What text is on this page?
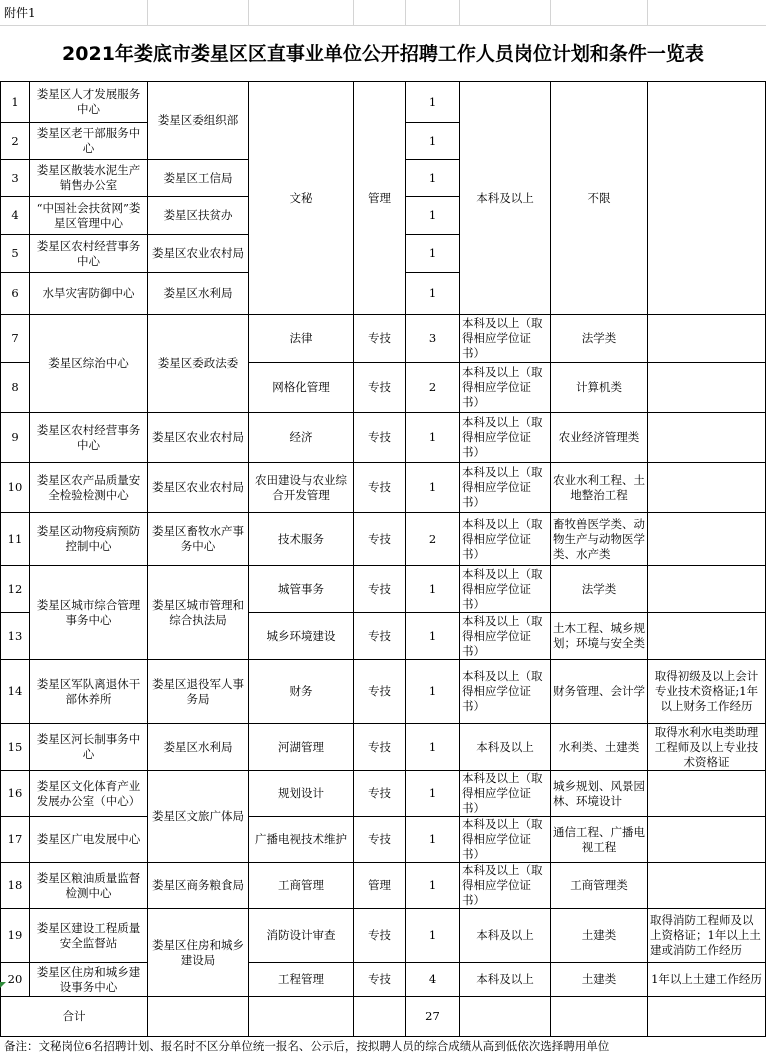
附件1
2021年娄底市娄星区区直事业单位公开招聘工作人员岗位计划和条件一览表
1	娄星区人才发展服务中心	娄星区委组织部	文秘	管理	1	本科及以上	不限	
2	娄星区老干部服务中心				1			
3	娄星区散装水泥生产销售办公室	娄星区工信局			1			
4	“中国社会扶贫网”娄星区管理中心	娄星区扶贫办			1			
5	娄星区农村经营事务中心	娄星区农业农村局			1			
6	水旱灾害防御中心	娄星区水利局			1			
7	娄星区综治中心	娄星区委政法委	法律	专技	3	本科及以上（取得相应学位证书）	法学类	
8			网格化管理	专技	2	本科及以上（取得相应学位证书）	计算机类	
9	娄星区农村经营事务中心	娄星区农业农村局	经济	专技	1	本科及以上（取得相应学位证书）	农业经济管理类	
10	娄星区农产品质量安全检验检测中心	娄星区农业农村局	农田建设与农业综合开发管理	专技	1	本科及以上（取得相应学位证书）	农业水利工程、土地整治工程	
11	娄星区动物疫病预防控制中心	娄星区畜牧水产事务中心	技术服务	专技	2	本科及以上（取得相应学位证书）	畜牧兽医学类、动物生产与动物医学类、水产类	
12	娄星区城市综合管理事务中心	娄星区城市管理和综合执法局	城管事务	专技	1	本科及以上（取得相应学位证书）	法学类	
13			城乡环境建设	专技	1	本科及以上（取得相应学位证书）	土木工程、城乡规划；环境与安全类	
14	娄星区军队离退休干部休养所	娄星区退役军人事务局	财务	专技	1	本科及以上（取得相应学位证书）	财务管理、会计学	取得初级及以上会计专业技术资格证;1年以上财务工作经历
15	娄星区河长制事务中心	娄星区水利局	河湖管理	专技	1	本科及以上	水利类、土建类	取得水利水电类助理工程师及以上专业技术资格证
16	娄星区文化体育产业发展办公室（中心）	娄星区文旅广体局	规划设计	专技	1	本科及以上（取得相应学位证书）	城乡规划、风景园林、环境设计	
17	娄星区广电发展中心		广播电视技术维护	专技	1	本科及以上（取得相应学位证书）	通信工程、广播电视工程	
18	娄星区粮油质量监督检测中心	娄星区商务粮食局	工商管理	管理	1	本科及以上（取得相应学位证书）	工商管理类	
19	娄星区建设工程质量安全监督站	娄星区住房和城乡建设局	消防设计审查	专技	1	本科及以上	土建类	取得消防工程师及以上资格证；1年以上土建或消防工作经历
20	娄星区住房和城乡建设事务中心		工程管理	专技	4	本科及以上	土建类	1年以上土建工作经历
合计					27			
备注：文秘岗位6名招聘计划、报名时不区分单位统一报名、公示后，按拟聘人员的综合成绩从高到低依次选择聘用单位
